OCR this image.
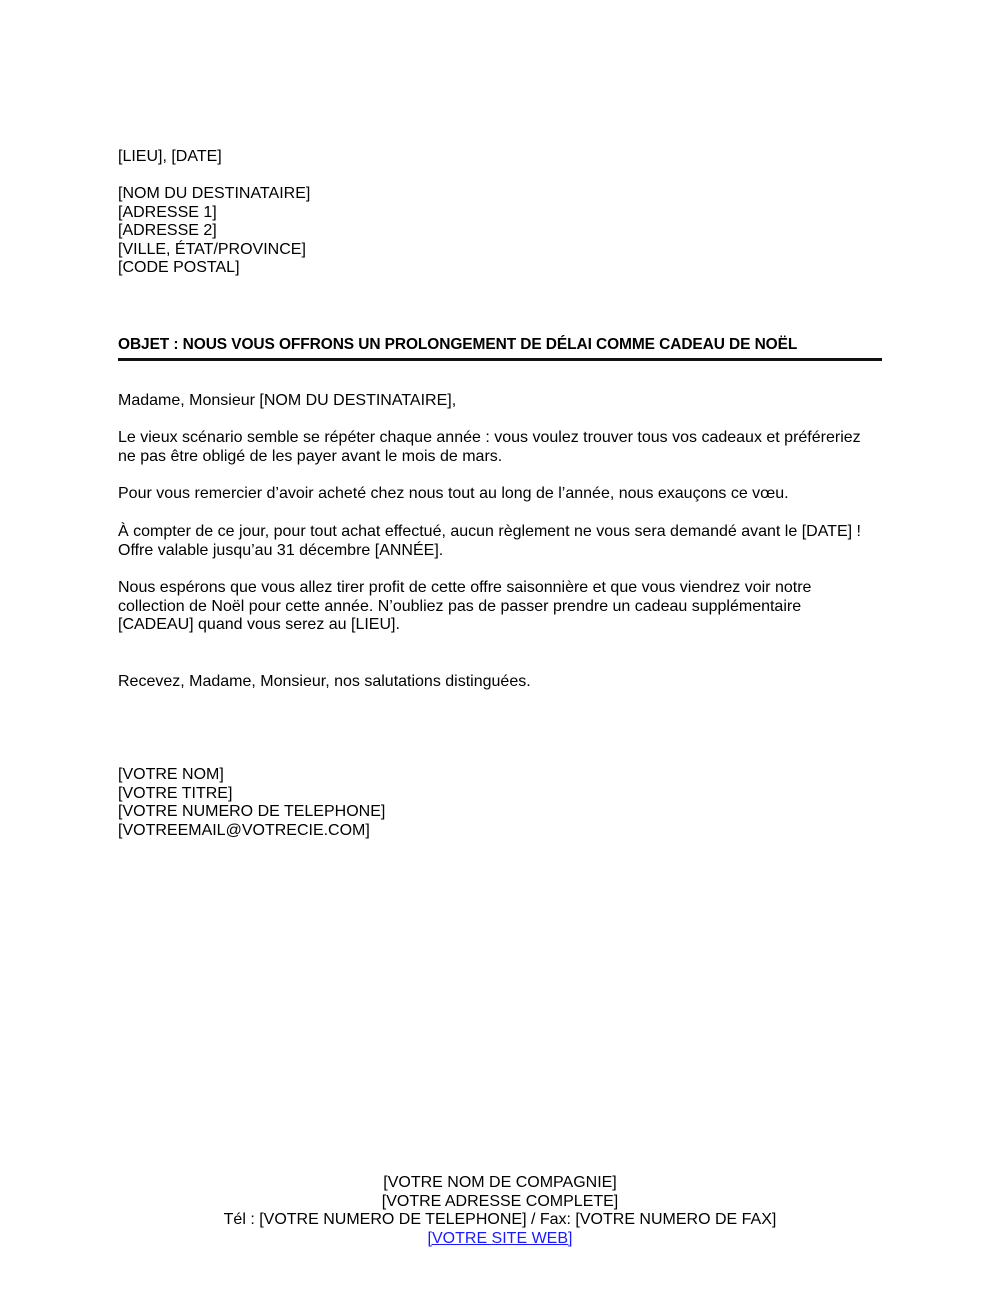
[LIEU], [DATE]
[NOM DU DESTINATAIRE]
[ADRESSE 1]
[ADRESSE 2]
[VILLE, ÉTAT/PROVINCE]
[CODE POSTAL]
OBJET : NOUS VOUS OFFRONS UN PROLONGEMENT DE DÉLAI COMME CADEAU DE NOËL
Madame, Monsieur [NOM DU DESTINATAIRE],
Le vieux scénario semble se répéter chaque année : vous voulez trouver tous vos cadeaux et préféreriez
ne pas être obligé de les payer avant le mois de mars.
Pour vous remercier d’avoir acheté chez nous tout au long de l’année, nous exauçons ce vœu.
À compter de ce jour, pour tout achat effectué, aucun règlement ne vous sera demandé avant le [DATE] !
Offre valable jusqu’au 31 décembre [ANNÉE].
Nous espérons que vous allez tirer profit de cette offre saisonnière et que vous viendrez voir notre
collection de Noël pour cette année. N’oubliez pas de passer prendre un cadeau supplémentaire
[CADEAU] quand vous serez au [LIEU].
Recevez, Madame, Monsieur, nos salutations distinguées.
[VOTRE NOM]
[VOTRE TITRE]
[VOTRE NUMERO DE TELEPHONE]
[VOTREEMAIL@VOTRECIE.COM]
[VOTRE NOM DE COMPAGNIE]
[VOTRE ADRESSE COMPLETE]
Tél : [VOTRE NUMERO DE TELEPHONE] / Fax: [VOTRE NUMERO DE FAX]
[VOTRE SITE WEB]
